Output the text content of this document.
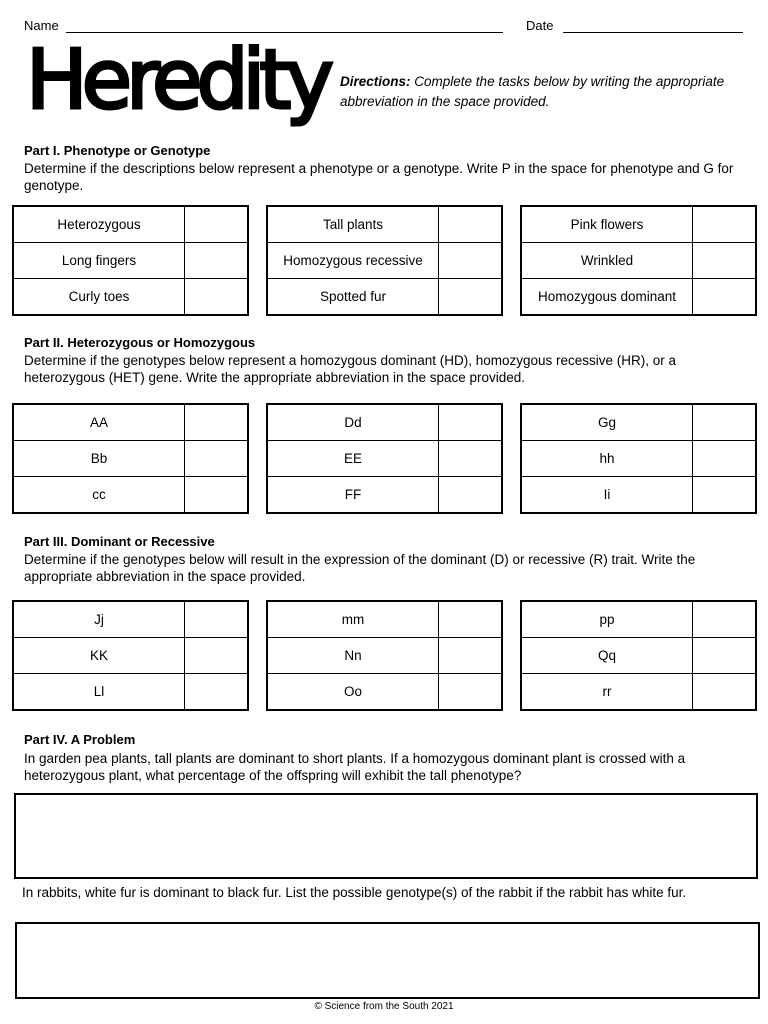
Name	Date
Heredity Directions: Complete the tasks below by writing the appropriate abbreviation in the space provided.
Part I. Phenotype or Genotype
Determine if the descriptions below represent a phenotype or a genotype. Write P in the space for phenotype and G for genotype.
Heterozygous	
Long fingers	
Curly toes	
Tall plants	
Homozygous recessive	
Spotted fur	
Pink flowers	
Wrinkled	
Homozygous dominant	
Part II. Heterozygous or Homozygous
Determine if the genotypes below represent a homozygous dominant (HD), homozygous recessive (HR), or a heterozygous (HET) gene. Write the appropriate abbreviation in the space provided.
AA	
Bb	
cc	
Dd	
EE	
FF	
Gg	
hh	
Ii	
Part III. Dominant or Recessive
Determine if the genotypes below will result in the expression of the dominant (D) or recessive (R) trait. Write the appropriate abbreviation in the space provided.
Jj	
KK	
Ll	
mm	
Nn	
Oo	
pp	
Qq	
rr	
Part IV. A Problem
In garden pea plants, tall plants are dominant to short plants. If a homozygous dominant plant is crossed with a heterozygous plant, what percentage of the offspring will exhibit the tall phenotype?
In rabbits, white fur is dominant to black fur. List the possible genotype(s) of the rabbit if the rabbit has white fur.
© Science from the South 2021
